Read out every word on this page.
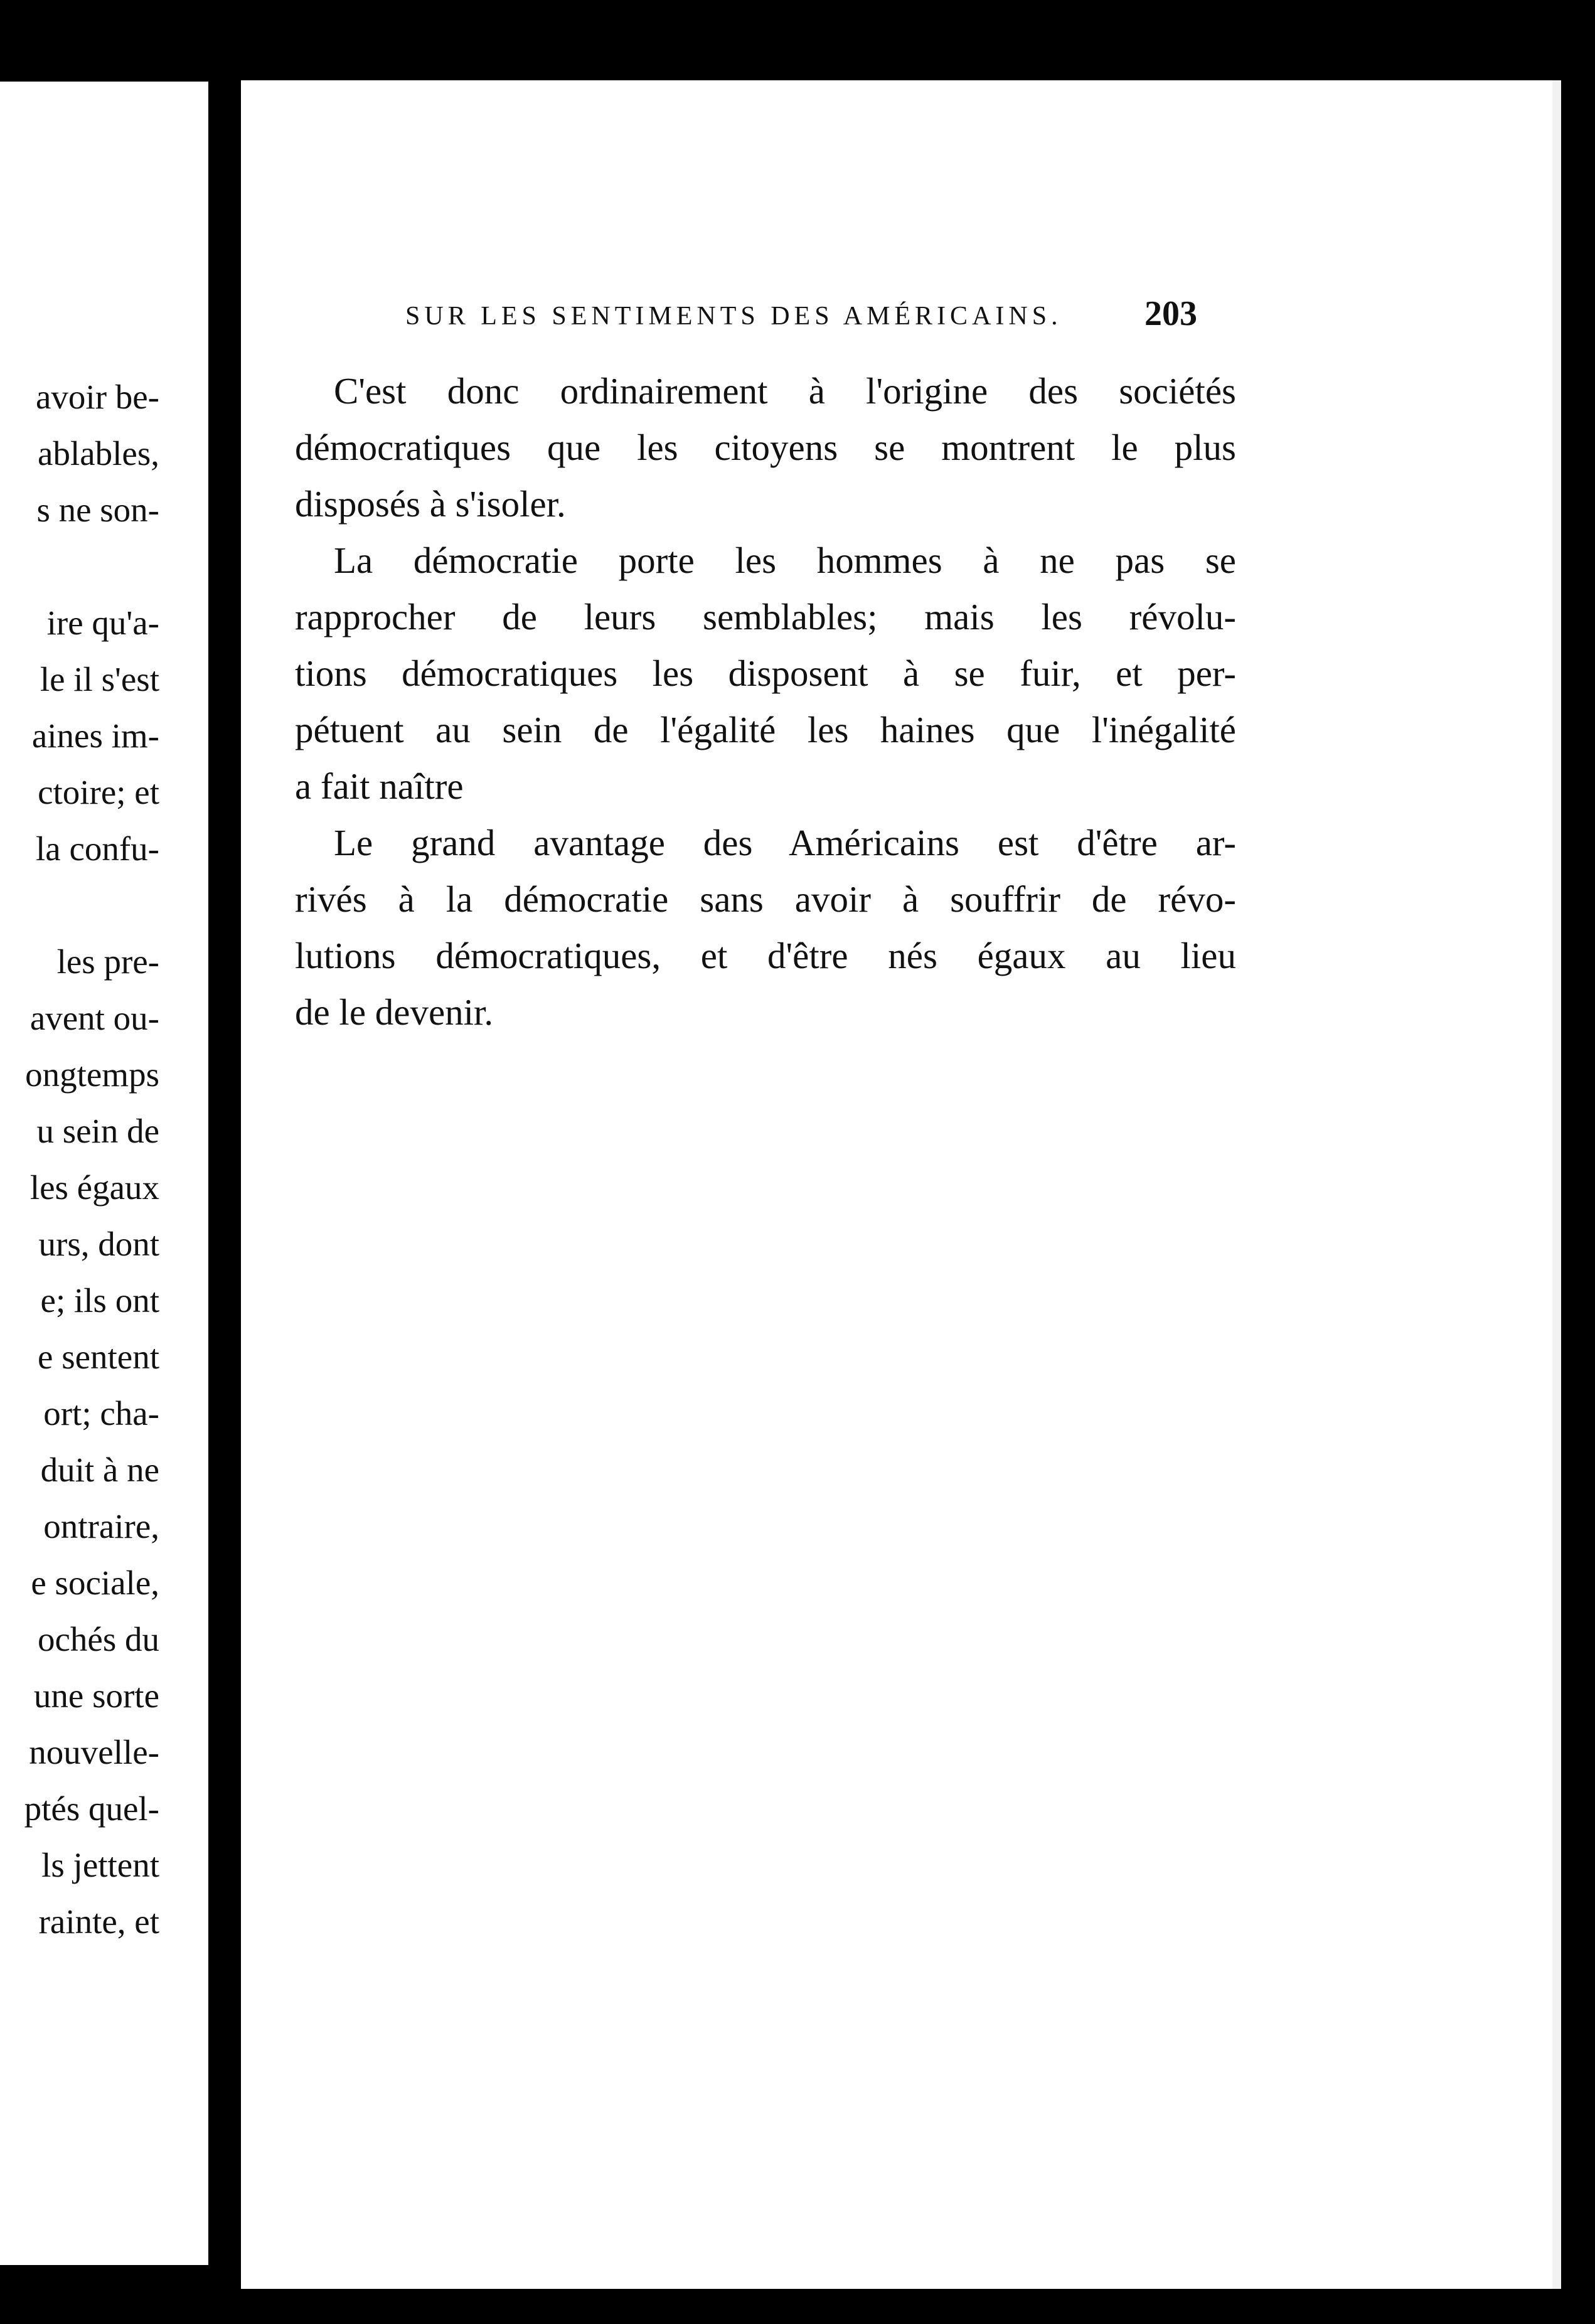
avoir be-
ablables,
s ne son-
ire qu'a-
le il s'est
aines im-
ctoire; et
la confu-
les pre-
avent ou-
ongtemps
u sein de
les égaux
urs, dont
e; ils ont
e sentent
ort; cha-
duit à ne
ontraire,
e sociale,
ochés du
une sorte
nouvelle-
ptés quel-
ls jettent
rainte, et
SUR LES SENTIMENTS DES AMÉRICAINS. 203
C'est donc ordinairement à l'origine des sociétés
démocratiques que les citoyens se montrent le plus
disposés à s'isoler.
La démocratie porte les hommes à ne pas se
rapprocher de leurs semblables; mais les révolu-
tions démocratiques les disposent à se fuir, et per-
pétuent au sein de l'égalité les haines que l'inégalité
a fait naître
Le grand avantage des Américains est d'être ar-
rivés à la démocratie sans avoir à souffrir de révo-
lutions démocratiques, et d'être nés égaux au lieu
de le devenir.
